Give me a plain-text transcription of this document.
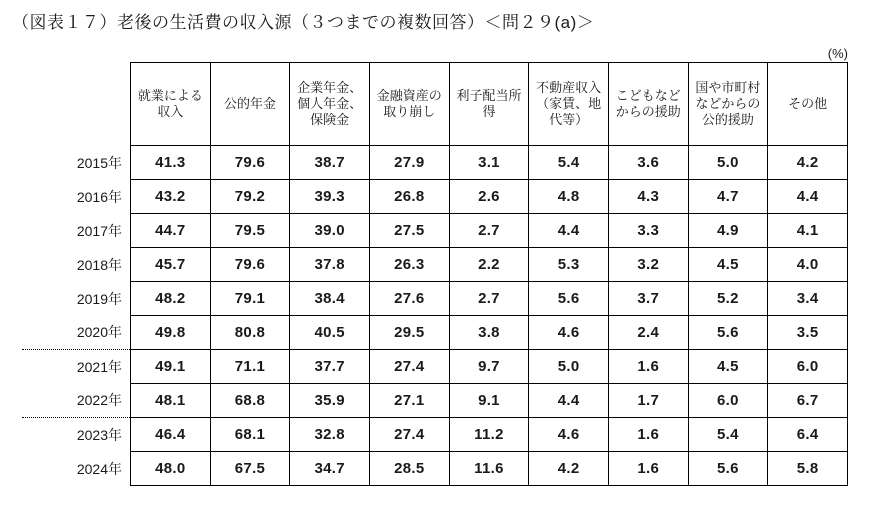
（図表１７）老後の生活費の収入源（３つまでの複数回答）＜問２９(a)＞
(%)
	就業による収入	公的年金	企業年金、個人年金、保険金	金融資産の取り崩し	利子配当所得	不動産収入（家賃、地代等）	こどもなどからの援助	国や市町村などからの公的援助	その他
2015年	41.3	79.6	38.7	27.9	3.1	5.4	3.6	5.0	4.2
2016年	43.2	79.2	39.3	26.8	2.6	4.8	4.3	4.7	4.4
2017年	44.7	79.5	39.0	27.5	2.7	4.4	3.3	4.9	4.1
2018年	45.7	79.6	37.8	26.3	2.2	5.3	3.2	4.5	4.0
2019年	48.2	79.1	38.4	27.6	2.7	5.6	3.7	5.2	3.4
2020年	49.8	80.8	40.5	29.5	3.8	4.6	2.4	5.6	3.5
2021年	49.1	71.1	37.7	27.4	9.7	5.0	1.6	4.5	6.0
2022年	48.1	68.8	35.9	27.1	9.1	4.4	1.7	6.0	6.7
2023年	46.4	68.1	32.8	27.4	11.2	4.6	1.6	5.4	6.4
2024年	48.0	67.5	34.7	28.5	11.6	4.2	1.6	5.6	5.8
